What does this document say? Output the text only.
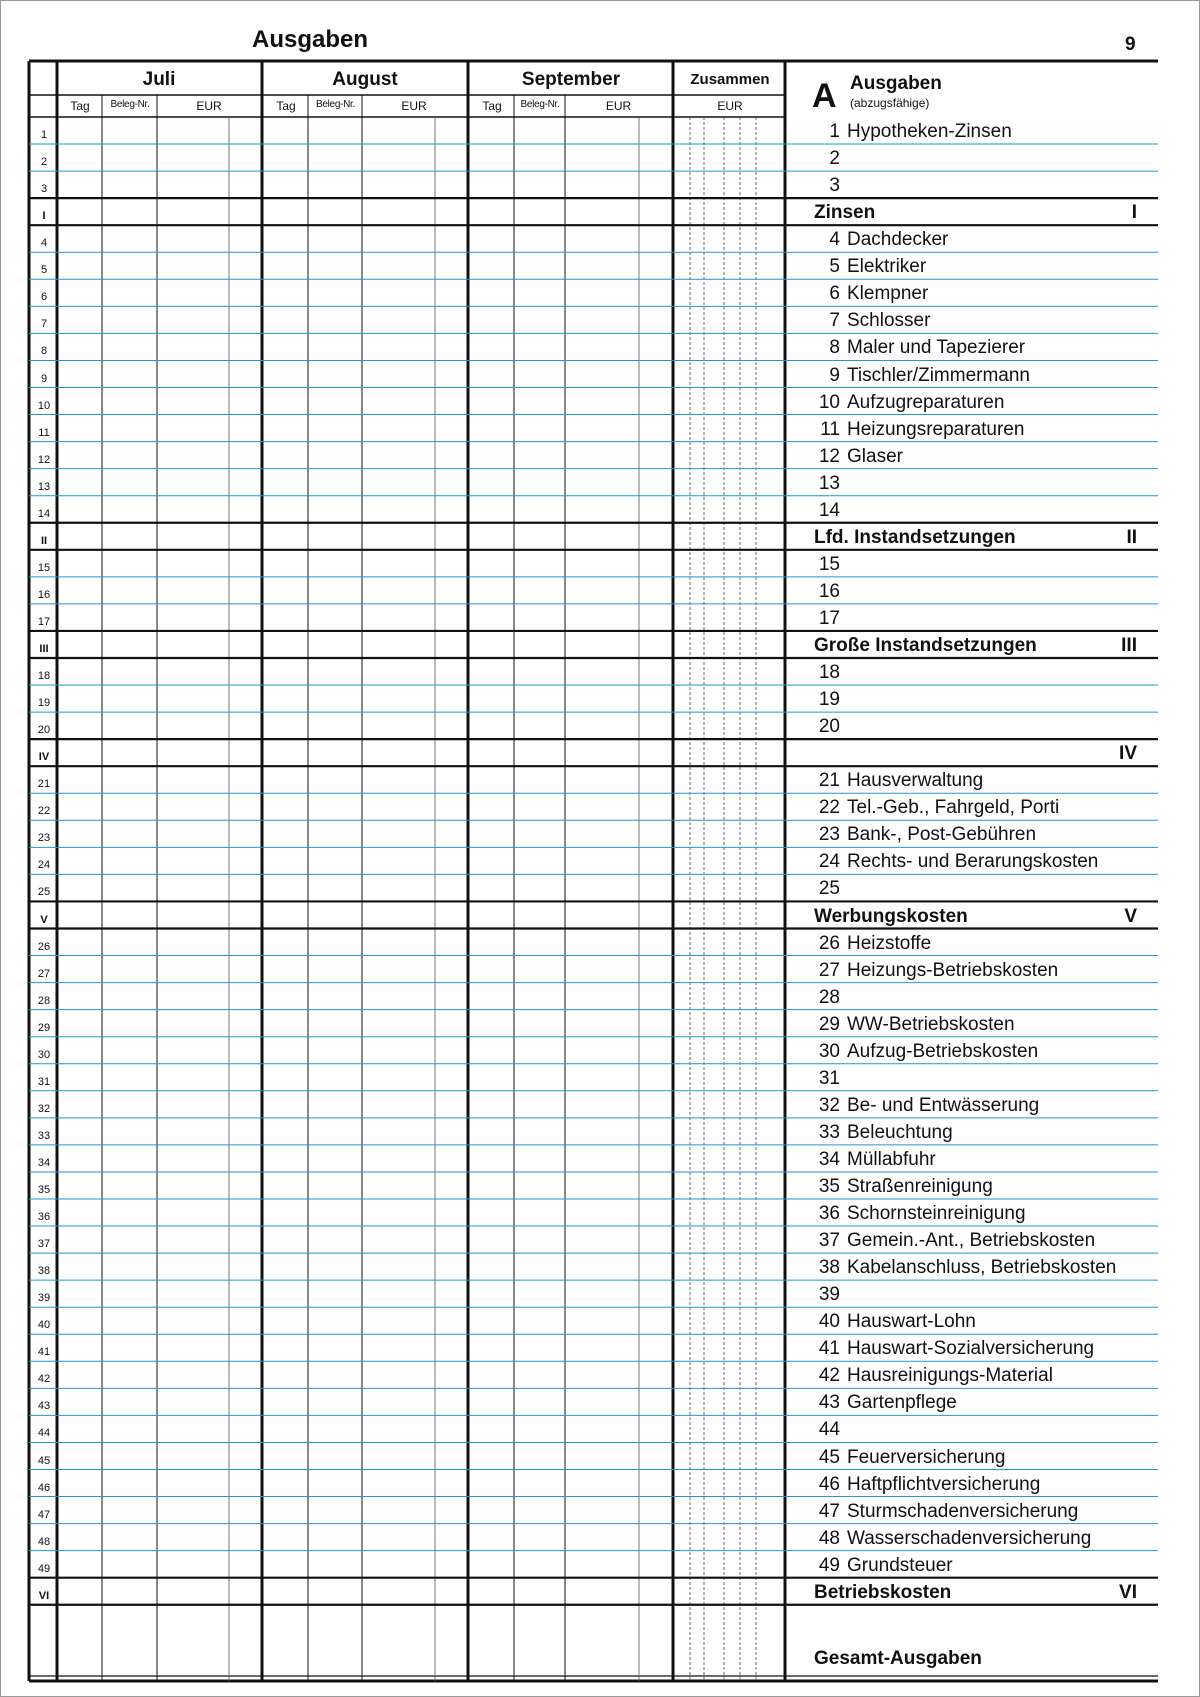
Ausgaben	9
Juli	August	September	Zusammen
Tag	Beleg-Nr.	EUR	Tag	Beleg-Nr.	EUR	Tag	Beleg-Nr.	EUR	EUR	A Ausgaben
(abzugsfähige)
1	1 Hypotheken-Zinsen
2	2
3	3
I	Zinsen	I
4	4 Dachdecker
5	5 Elektriker
6	6 Klempner
7	7 Schlosser
8	8 Maler und Tapezierer
9	9 Tischler/Zimmermann
10	10 Aufzugreparaturen
11	11 Heizungsreparaturen
12	12 Glaser
13	13
14	14
II	Lfd. Instandsetzungen	II
15	15
16	16
17	17
III	Große Instandsetzungen	III
18	18
19	19
20	20
IV	IV
21	21 Hausverwaltung
22	22 Tel.-Geb., Fahrgeld, Porti
23	23 Bank-, Post-Gebühren
24	24 Rechts- und Berarungskosten
25	25
V	Werbungskosten	V
26	26 Heizstoffe
27	27 Heizungs-Betriebskosten
28	28
29	29 WW-Betriebskosten
30	30 Aufzug-Betriebskosten
31	31
32	32 Be- und Entwässerung
33	33 Beleuchtung
34	34 Müllabfuhr
35	35 Straßenreinigung
36	36 Schornsteinreinigung
37	37 Gemein.-Ant., Betriebskosten
38	38 Kabelanschluss, Betriebskosten
39	39
40	40 Hauswart-Lohn
41	41 Hauswart-Sozialversicherung
42	42 Hausreinigungs-Material
43	43 Gartenpflege
44	44
45	45 Feuerversicherung
46	46 Haftpflichtversicherung
47	47 Sturmschadenversicherung
48	48 Wasserschadenversicherung
49	49 Grundsteuer
VI	Betriebskosten	VI
Gesamt-Ausgaben
